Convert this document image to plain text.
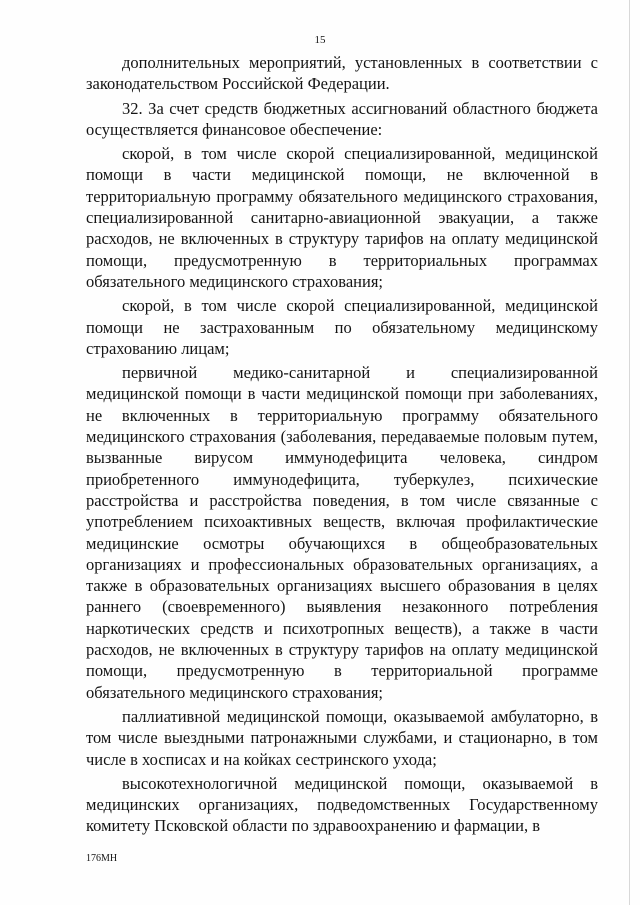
15

дополнительных мероприятий, установленных в соответствии с законодательством Российской Федерации.

32. За счет средств бюджетных ассигнований областного бюджета осуществляется финансовое обеспечение:

скорой, в том числе скорой специализированной, медицинской помощи в части медицинской помощи, не включенной в территориальную программу обязательного медицинского страхования, специализированной санитарно-авиационной эвакуации, а также расходов, не включенных в структуру тарифов на оплату медицинской помощи, предусмотренную в территориальных программах обязательного медицинского страхования;

скорой, в том числе скорой специализированной, медицинской помощи не застрахованным по обязательному медицинскому страхованию лицам;

первичной медико-санитарной и специализированной медицинской помощи в части медицинской помощи при заболеваниях, не включенных в территориальную программу обязательного медицинского страхования (заболевания, передаваемые половым путем, вызванные вирусом иммунодефицита человека, синдром приобретенного иммунодефицита, туберкулез, психические расстройства и расстройства поведения, в том числе связанные с употреблением психоактивных веществ, включая профилактические медицинские осмотры обучающихся в общеобразовательных организациях и профессиональных образовательных организациях, а также в образовательных организациях высшего образования в целях раннего (своевременного) выявления незаконного потребления наркотических средств и психотропных веществ), а также в части расходов, не включенных в структуру тарифов на оплату медицинской помощи, предусмотренную в территориальной программе обязательного медицинского страхования;

паллиативной медицинской помощи, оказываемой амбулаторно, в том числе выездными патронажными службами, и стационарно, в том числе в хосписах и на койках сестринского ухода;

высокотехнологичной медицинской помощи, оказываемой в медицинских организациях, подведомственных Государственному комитету Псковской области по здравоохранению и фармации, в

176МН
